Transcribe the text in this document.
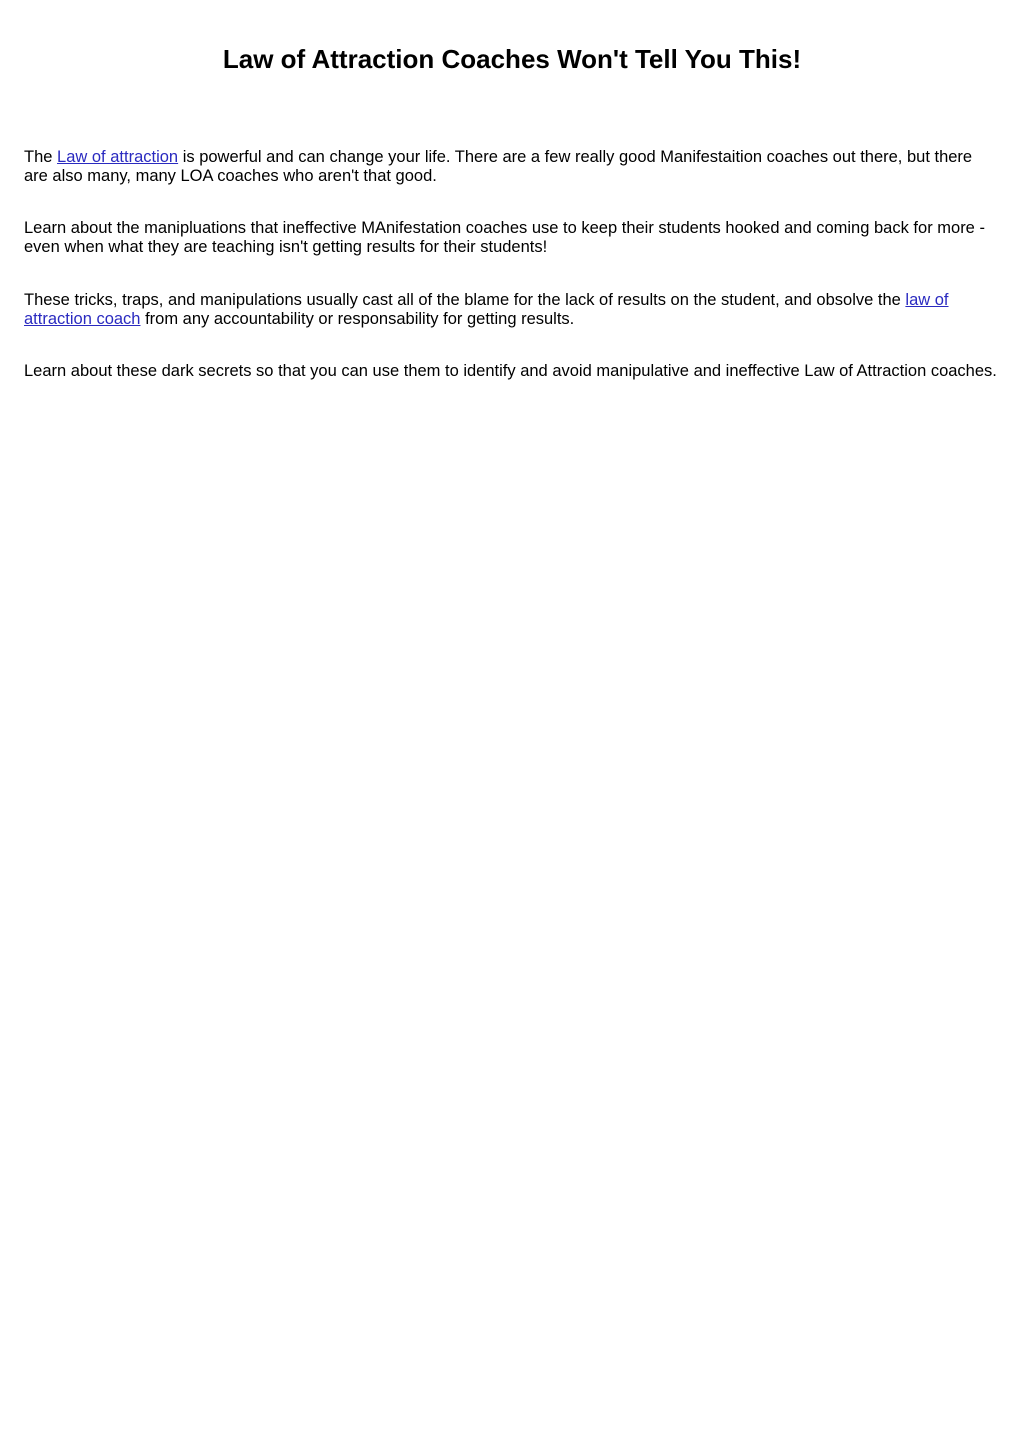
Law of Attraction Coaches Won't Tell You This!

The Law of attraction is powerful and can change your life. There are a few really good Manifestaition coaches out there, but there are also many, many LOA coaches who aren't that good.

Learn about the manipluations that ineffective MAnifestation coaches use to keep their students hooked and coming back for more - even when what they are teaching isn't getting results for their students!

These tricks, traps, and manipulations usually cast all of the blame for the lack of results on the student, and obsolve the law of attraction coach from any accountability or responsability for getting results.

Learn about these dark secrets so that you can use them to identify and avoid manipulative and ineffective Law of Attraction coaches.
